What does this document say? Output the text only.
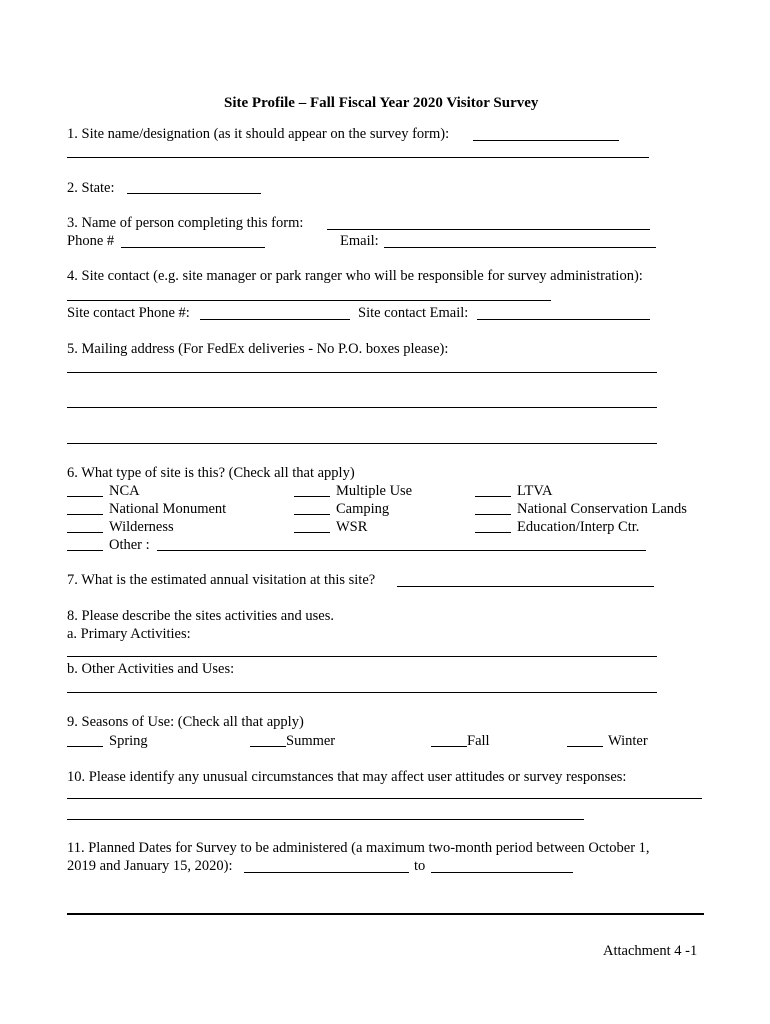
Site Profile – Fall Fiscal Year 2020 Visitor Survey
1. Site name/designation (as it should appear on the survey form):
2. State:
3. Name of person completing this form:
Phone #	Email:
4. Site contact (e.g. site manager or park ranger who will be responsible for survey administration):
Site contact Phone #:	Site contact Email:
5. Mailing address (For FedEx deliveries - No P.O. boxes please):
6. What type of site is this? (Check all that apply)
NCA	Multiple Use	LTVA
National Monument	Camping	National Conservation Lands
Wilderness	WSR	Education/Interp Ctr.
Other :
7. What is the estimated annual visitation at this site?
8. Please describe the sites activities and uses.
a. Primary Activities:
b. Other Activities and Uses:
9. Seasons of Use: (Check all that apply)
Spring	Summer	Fall	Winter
10. Please identify any unusual circumstances that may affect user attitudes or survey responses:
11. Planned Dates for Survey to be administered (a maximum two-month period between October 1,
2019 and January 15, 2020):	to
Attachment 4 -1
